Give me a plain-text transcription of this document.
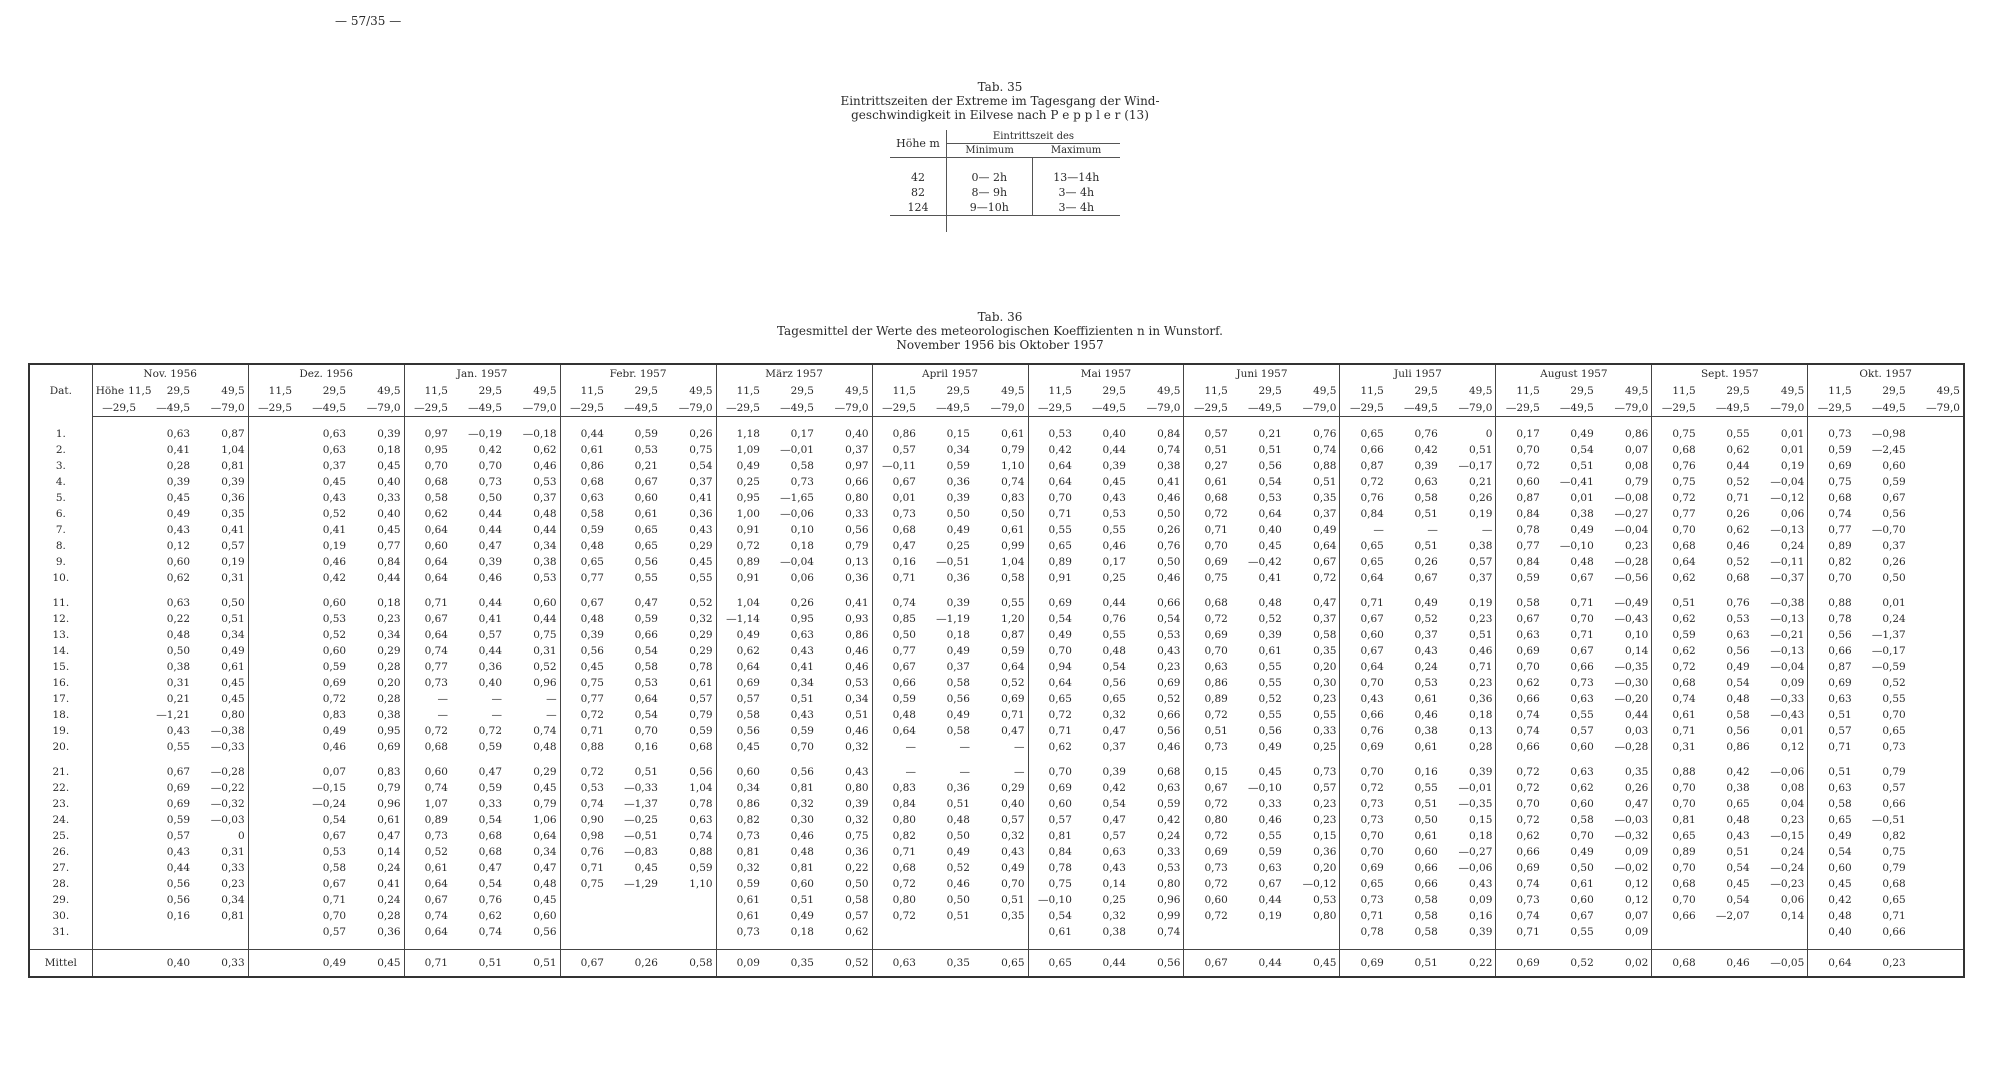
— 57/35 —
Tab. 35
Eintrittszeiten der Extreme im Tagesgang der Wind-
geschwindigkeit in Eilvese nach P e p p l e r (13)
Höhe m	Eintrittszeit des	
	Minimum	Maximum

42	0— 2h	13—14h
82	8— 9h	3— 4h
124	9—10h	3— 4h

Tab. 36
Tagesmittel der Werte des meteorologischen Koeffizienten n in Wunstorf.
November 1956 bis Oktober 1957
Dat.	Nov. 1956			Dez. 1956			Jan. 1957			Febr. 1957			März 1957			April 1957			Mai 1957			Juni 1957			Juli 1957			August 1957			Sept. 1957			Okt. 1957		
	Höhe 11,5	29,5	49,5	11,5	29,5	49,5	11,5	29,5	49,5	11,5	29,5	49,5	11,5	29,5	49,5	11,5	29,5	49,5	11,5	29,5	49,5	11,5	29,5	49,5	11,5	29,5	49,5	11,5	29,5	49,5	11,5	29,5	49,5	11,5	29,5	49,5
	—29,5	—49,5	—79,0	—29,5	—49,5	—79,0	—29,5	—49,5	—79,0	—29,5	—49,5	—79,0	—29,5	—49,5	—79,0	—29,5	—49,5	—79,0	—29,5	—49,5	—79,0	—29,5	—49,5	—79,0	—29,5	—49,5	—79,0	—29,5	—49,5	—79,0	—29,5	—49,5	—79,0	—29,5	—49,5	—79,0

1.		0,63	0,87		0,63	0,39	0,97	—0,19	—0,18	0,44	0,59	0,26	1,18	0,17	0,40	0,86	0,15	0,61	0,53	0,40	0,84	0,57	0,21	0,76	0,65	0,76	0	0,17	0,49	0,86	0,75	0,55	0,01	0,73	—0,98	
2.		0,41	1,04		0,63	0,18	0,95	0,42	0,62	0,61	0,53	0,75	1,09	—0,01	0,37	0,57	0,34	0,79	0,42	0,44	0,74	0,51	0,51	0,74	0,66	0,42	0,51	0,70	0,54	0,07	0,68	0,62	0,01	0,59	—2,45	
3.		0,28	0,81		0,37	0,45	0,70	0,70	0,46	0,86	0,21	0,54	0,49	0,58	0,97	—0,11	0,59	1,10	0,64	0,39	0,38	0,27	0,56	0,88	0,87	0,39	—0,17	0,72	0,51	0,08	0,76	0,44	0,19	0,69	0,60	
4.		0,39	0,39		0,45	0,40	0,68	0,73	0,53	0,68	0,67	0,37	0,25	0,73	0,66	0,67	0,36	0,74	0,64	0,45	0,41	0,61	0,54	0,51	0,72	0,63	0,21	0,60	—0,41	0,79	0,75	0,52	—0,04	0,75	0,59	
5.		0,45	0,36		0,43	0,33	0,58	0,50	0,37	0,63	0,60	0,41	0,95	—1,65	0,80	0,01	0,39	0,83	0,70	0,43	0,46	0,68	0,53	0,35	0,76	0,58	0,26	0,87	0,01	—0,08	0,72	0,71	—0,12	0,68	0,67	
6.		0,49	0,35		0,52	0,40	0,62	0,44	0,48	0,58	0,61	0,36	1,00	—0,06	0,33	0,73	0,50	0,50	0,71	0,53	0,50	0,72	0,64	0,37	0,84	0,51	0,19	0,84	0,38	—0,27	0,77	0,26	0,06	0,74	0,56	
7.		0,43	0,41		0,41	0,45	0,64	0,44	0,44	0,59	0,65	0,43	0,91	0,10	0,56	0,68	0,49	0,61	0,55	0,55	0,26	0,71	0,40	0,49	—	—	—	0,78	0,49	—0,04	0,70	0,62	—0,13	0,77	—0,70	
8.		0,12	0,57		0,19	0,77	0,60	0,47	0,34	0,48	0,65	0,29	0,72	0,18	0,79	0,47	0,25	0,99	0,65	0,46	0,76	0,70	0,45	0,64	0,65	0,51	0,38	0,77	—0,10	0,23	0,68	0,46	0,24	0,89	0,37	
9.		0,60	0,19		0,46	0,84	0,64	0,39	0,38	0,65	0,56	0,45	0,89	—0,04	0,13	0,16	—0,51	1,04	0,89	0,17	0,50	0,69	—0,42	0,67	0,65	0,26	0,57	0,84	0,48	—0,28	0,64	0,52	—0,11	0,82	0,26	
10.		0,62	0,31		0,42	0,44	0,64	0,46	0,53	0,77	0,55	0,55	0,91	0,06	0,36	0,71	0,36	0,58	0,91	0,25	0,46	0,75	0,41	0,72	0,64	0,67	0,37	0,59	0,67	—0,56	0,62	0,68	—0,37	0,70	0,50	

11.		0,63	0,50		0,60	0,18	0,71	0,44	0,60	0,67	0,47	0,52	1,04	0,26	0,41	0,74	0,39	0,55	0,69	0,44	0,66	0,68	0,48	0,47	0,71	0,49	0,19	0,58	0,71	—0,49	0,51	0,76	—0,38	0,88	0,01	
12.		0,22	0,51		0,53	0,23	0,67	0,41	0,44	0,48	0,59	0,32	—1,14	0,95	0,93	0,85	—1,19	1,20	0,54	0,76	0,54	0,72	0,52	0,37	0,67	0,52	0,23	0,67	0,70	—0,43	0,62	0,53	—0,13	0,78	0,24	
13.		0,48	0,34		0,52	0,34	0,64	0,57	0,75	0,39	0,66	0,29	0,49	0,63	0,86	0,50	0,18	0,87	0,49	0,55	0,53	0,69	0,39	0,58	0,60	0,37	0,51	0,63	0,71	0,10	0,59	0,63	—0,21	0,56	—1,37	
14.		0,50	0,49		0,60	0,29	0,74	0,44	0,31	0,56	0,54	0,29	0,62	0,43	0,46	0,77	0,49	0,59	0,70	0,48	0,43	0,70	0,61	0,35	0,67	0,43	0,46	0,69	0,67	0,14	0,62	0,56	—0,13	0,66	—0,17	
15.		0,38	0,61		0,59	0,28	0,77	0,36	0,52	0,45	0,58	0,78	0,64	0,41	0,46	0,67	0,37	0,64	0,94	0,54	0,23	0,63	0,55	0,20	0,64	0,24	0,71	0,70	0,66	—0,35	0,72	0,49	—0,04	0,87	—0,59	
16.		0,31	0,45		0,69	0,20	0,73	0,40	0,96	0,75	0,53	0,61	0,69	0,34	0,53	0,66	0,58	0,52	0,64	0,56	0,69	0,86	0,55	0,30	0,70	0,53	0,23	0,62	0,73	—0,30	0,68	0,54	0,09	0,69	0,52	
17.		0,21	0,45		0,72	0,28	—	—	—	0,77	0,64	0,57	0,57	0,51	0,34	0,59	0,56	0,69	0,65	0,65	0,52	0,89	0,52	0,23	0,43	0,61	0,36	0,66	0,63	—0,20	0,74	0,48	—0,33	0,63	0,55	
18.		—1,21	0,80		0,83	0,38	—	—	—	0,72	0,54	0,79	0,58	0,43	0,51	0,48	0,49	0,71	0,72	0,32	0,66	0,72	0,55	0,55	0,66	0,46	0,18	0,74	0,55	0,44	0,61	0,58	—0,43	0,51	0,70	
19.		0,43	—0,38		0,49	0,95	0,72	0,72	0,74	0,71	0,70	0,59	0,56	0,59	0,46	0,64	0,58	0,47	0,71	0,47	0,56	0,51	0,56	0,33	0,76	0,38	0,13	0,74	0,57	0,03	0,71	0,56	0,01	0,57	0,65	
20.		0,55	—0,33		0,46	0,69	0,68	0,59	0,48	0,88	0,16	0,68	0,45	0,70	0,32	—	—	—	0,62	0,37	0,46	0,73	0,49	0,25	0,69	0,61	0,28	0,66	0,60	—0,28	0,31	0,86	0,12	0,71	0,73	

21.		0,67	—0,28		0,07	0,83	0,60	0,47	0,29	0,72	0,51	0,56	0,60	0,56	0,43	—	—	—	0,70	0,39	0,68	0,15	0,45	0,73	0,70	0,16	0,39	0,72	0,63	0,35	0,88	0,42	—0,06	0,51	0,79	
22.		0,69	—0,22		—0,15	0,79	0,74	0,59	0,45	0,53	—0,33	1,04	0,34	0,81	0,80	0,83	0,36	0,29	0,69	0,42	0,63	0,67	—0,10	0,57	0,72	0,55	—0,01	0,72	0,62	0,26	0,70	0,38	0,08	0,63	0,57	
23.		0,69	—0,32		—0,24	0,96	1,07	0,33	0,79	0,74	—1,37	0,78	0,86	0,32	0,39	0,84	0,51	0,40	0,60	0,54	0,59	0,72	0,33	0,23	0,73	0,51	—0,35	0,70	0,60	0,47	0,70	0,65	0,04	0,58	0,66	
24.		0,59	—0,03		0,54	0,61	0,89	0,54	1,06	0,90	—0,25	0,63	0,82	0,30	0,32	0,80	0,48	0,57	0,57	0,47	0,42	0,80	0,46	0,23	0,73	0,50	0,15	0,72	0,58	—0,03	0,81	0,48	0,23	0,65	—0,51	
25.		0,57	0		0,67	0,47	0,73	0,68	0,64	0,98	—0,51	0,74	0,73	0,46	0,75	0,82	0,50	0,32	0,81	0,57	0,24	0,72	0,55	0,15	0,70	0,61	0,18	0,62	0,70	—0,32	0,65	0,43	—0,15	0,49	0,82	
26.		0,43	0,31		0,53	0,14	0,52	0,68	0,34	0,76	—0,83	0,88	0,81	0,48	0,36	0,71	0,49	0,43	0,84	0,63	0,33	0,69	0,59	0,36	0,70	0,60	—0,27	0,66	0,49	0,09	0,89	0,51	0,24	0,54	0,75	
27.		0,44	0,33		0,58	0,24	0,61	0,47	0,47	0,71	0,45	0,59	0,32	0,81	0,22	0,68	0,52	0,49	0,78	0,43	0,53	0,73	0,63	0,20	0,69	0,66	—0,06	0,69	0,50	—0,02	0,70	0,54	—0,24	0,60	0,79	
28.		0,56	0,23		0,67	0,41	0,64	0,54	0,48	0,75	—1,29	1,10	0,59	0,60	0,50	0,72	0,46	0,70	0,75	0,14	0,80	0,72	0,67	—0,12	0,65	0,66	0,43	0,74	0,61	0,12	0,68	0,45	—0,23	0,45	0,68	
29.		0,56	0,34		0,71	0,24	0,67	0,76	0,45				0,61	0,51	0,58	0,80	0,50	0,51	—0,10	0,25	0,96	0,60	0,44	0,53	0,73	0,58	0,09	0,73	0,60	0,12	0,70	0,54	0,06	0,42	0,65	
30.		0,16	0,81		0,70	0,28	0,74	0,62	0,60				0,61	0,49	0,57	0,72	0,51	0,35	0,54	0,32	0,99	0,72	0,19	0,80	0,71	0,58	0,16	0,74	0,67	0,07	0,66	—2,07	0,14	0,48	0,71	
31.					0,57	0,36	0,64	0,74	0,56				0,73	0,18	0,62				0,61	0,38	0,74				0,78	0,58	0,39	0,71	0,55	0,09				0,40	0,66	

Mittel		0,40	0,33		0,49	0,45	0,71	0,51	0,51	0,67	0,26	0,58	0,09	0,35	0,52	0,63	0,35	0,65	0,65	0,44	0,56	0,67	0,44	0,45	0,69	0,51	0,22	0,69	0,52	0,02	0,68	0,46	—0,05	0,64	0,23	
